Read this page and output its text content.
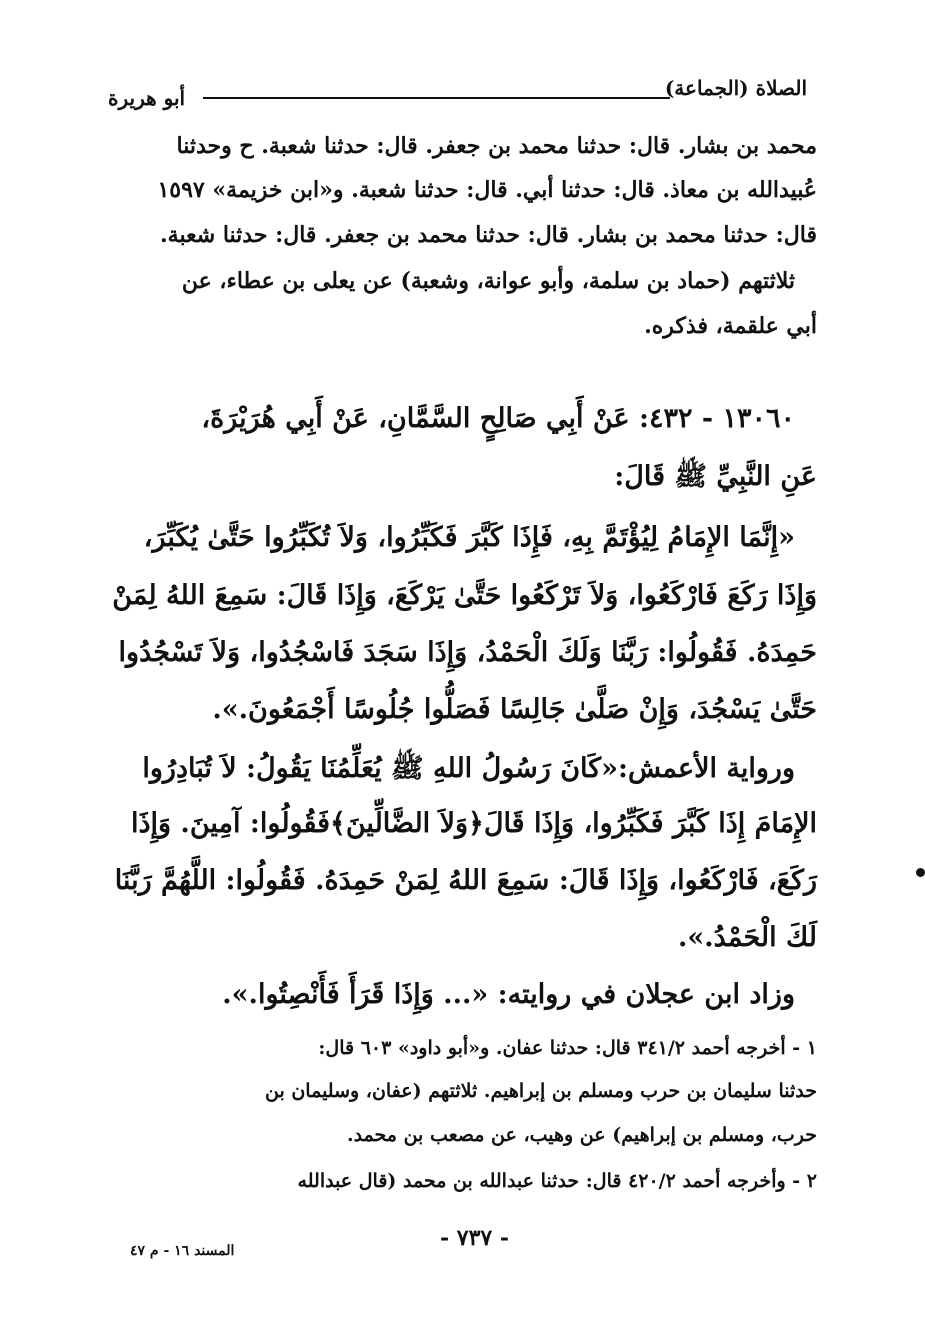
الصلاة (الجماعة)
أبو هريرة
محمد بن بشار. قال: حدثنا محمد بن جعفر. قال: حدثنا شعبة. ح وحدثنا
عُبيدالله بن معاذ. قال: حدثنا أبي. قال: حدثنا شعبة. و«ابن خزيمة» ١٥٩٧
قال: حدثنا محمد بن بشار. قال: حدثنا محمد بن جعفر. قال: حدثنا شعبة.
ثلاثتهم (حماد بن سلمة، وأبو عوانة، وشعبة) عن يعلى بن عطاء، عن
أبي علقمة، فذكره.
١٣٠٦٠ - ٤٣٢: عَنْ أَبِي صَالِحٍ السَّمَّانِ، عَنْ أَبِي هُرَيْرَةَ،
عَنِ النَّبِيِّ ﷺ قَالَ:
«إِنَّمَا الإِمَامُ لِيُؤْتَمَّ بِهِ، فَإِذَا كَبَّرَ فَكَبِّرُوا، وَلاَ تُكَبِّرُوا حَتَّىٰ يُكَبِّرَ،
وَإِذَا رَكَعَ فَارْكَعُوا، وَلاَ تَرْكَعُوا حَتَّىٰ يَرْكَعَ، وَإِذَا قَالَ: سَمِعَ اللهُ لِمَنْ
حَمِدَهُ. فَقُولُوا: رَبَّنَا وَلَكَ الْحَمْدُ، وَإِذَا سَجَدَ فَاسْجُدُوا، وَلاَ تَسْجُدُوا
حَتَّىٰ يَسْجُدَ، وَإِنْ صَلَّىٰ جَالِسًا فَصَلُّوا جُلُوسًا أَجْمَعُونَ.».
ورواية الأعمش:«كَانَ رَسُولُ اللهِ ﷺ يُعَلِّمُنَا يَقُولُ: لاَ تُبَادِرُوا
الإِمَامَ إِذَا كَبَّرَ فَكَبِّرُوا، وَإِذَا قَالَ﴿وَلاَ الضَّالِّينَ﴾فَقُولُوا: آمِينَ. وَإِذَا
رَكَعَ، فَارْكَعُوا، وَإِذَا قَالَ: سَمِعَ اللهُ لِمَنْ حَمِدَهُ. فَقُولُوا: اللَّهُمَّ رَبَّنَا
لَكَ الْحَمْدُ.».
وزاد ابن عجلان في روايته: «... وَإِذَا قَرَأَ فَأَنْصِتُوا.».
١ - أخرجه أحمد ٣٤١/٢ قال: حدثنا عفان. و«أبو داود» ٦٠٣ قال:
حدثنا سليمان بن حرب ومسلم بن إبراهيم. ثلاثتهم (عفان، وسليمان بن
حرب، ومسلم بن إبراهيم) عن وهيب، عن مصعب بن محمد.
٢ - وأخرجه أحمد ٤٢٠/٢ قال: حدثنا عبدالله بن محمد (قال عبدالله
- ٧٣٧ -
المسند ١٦ - م ٤٧
